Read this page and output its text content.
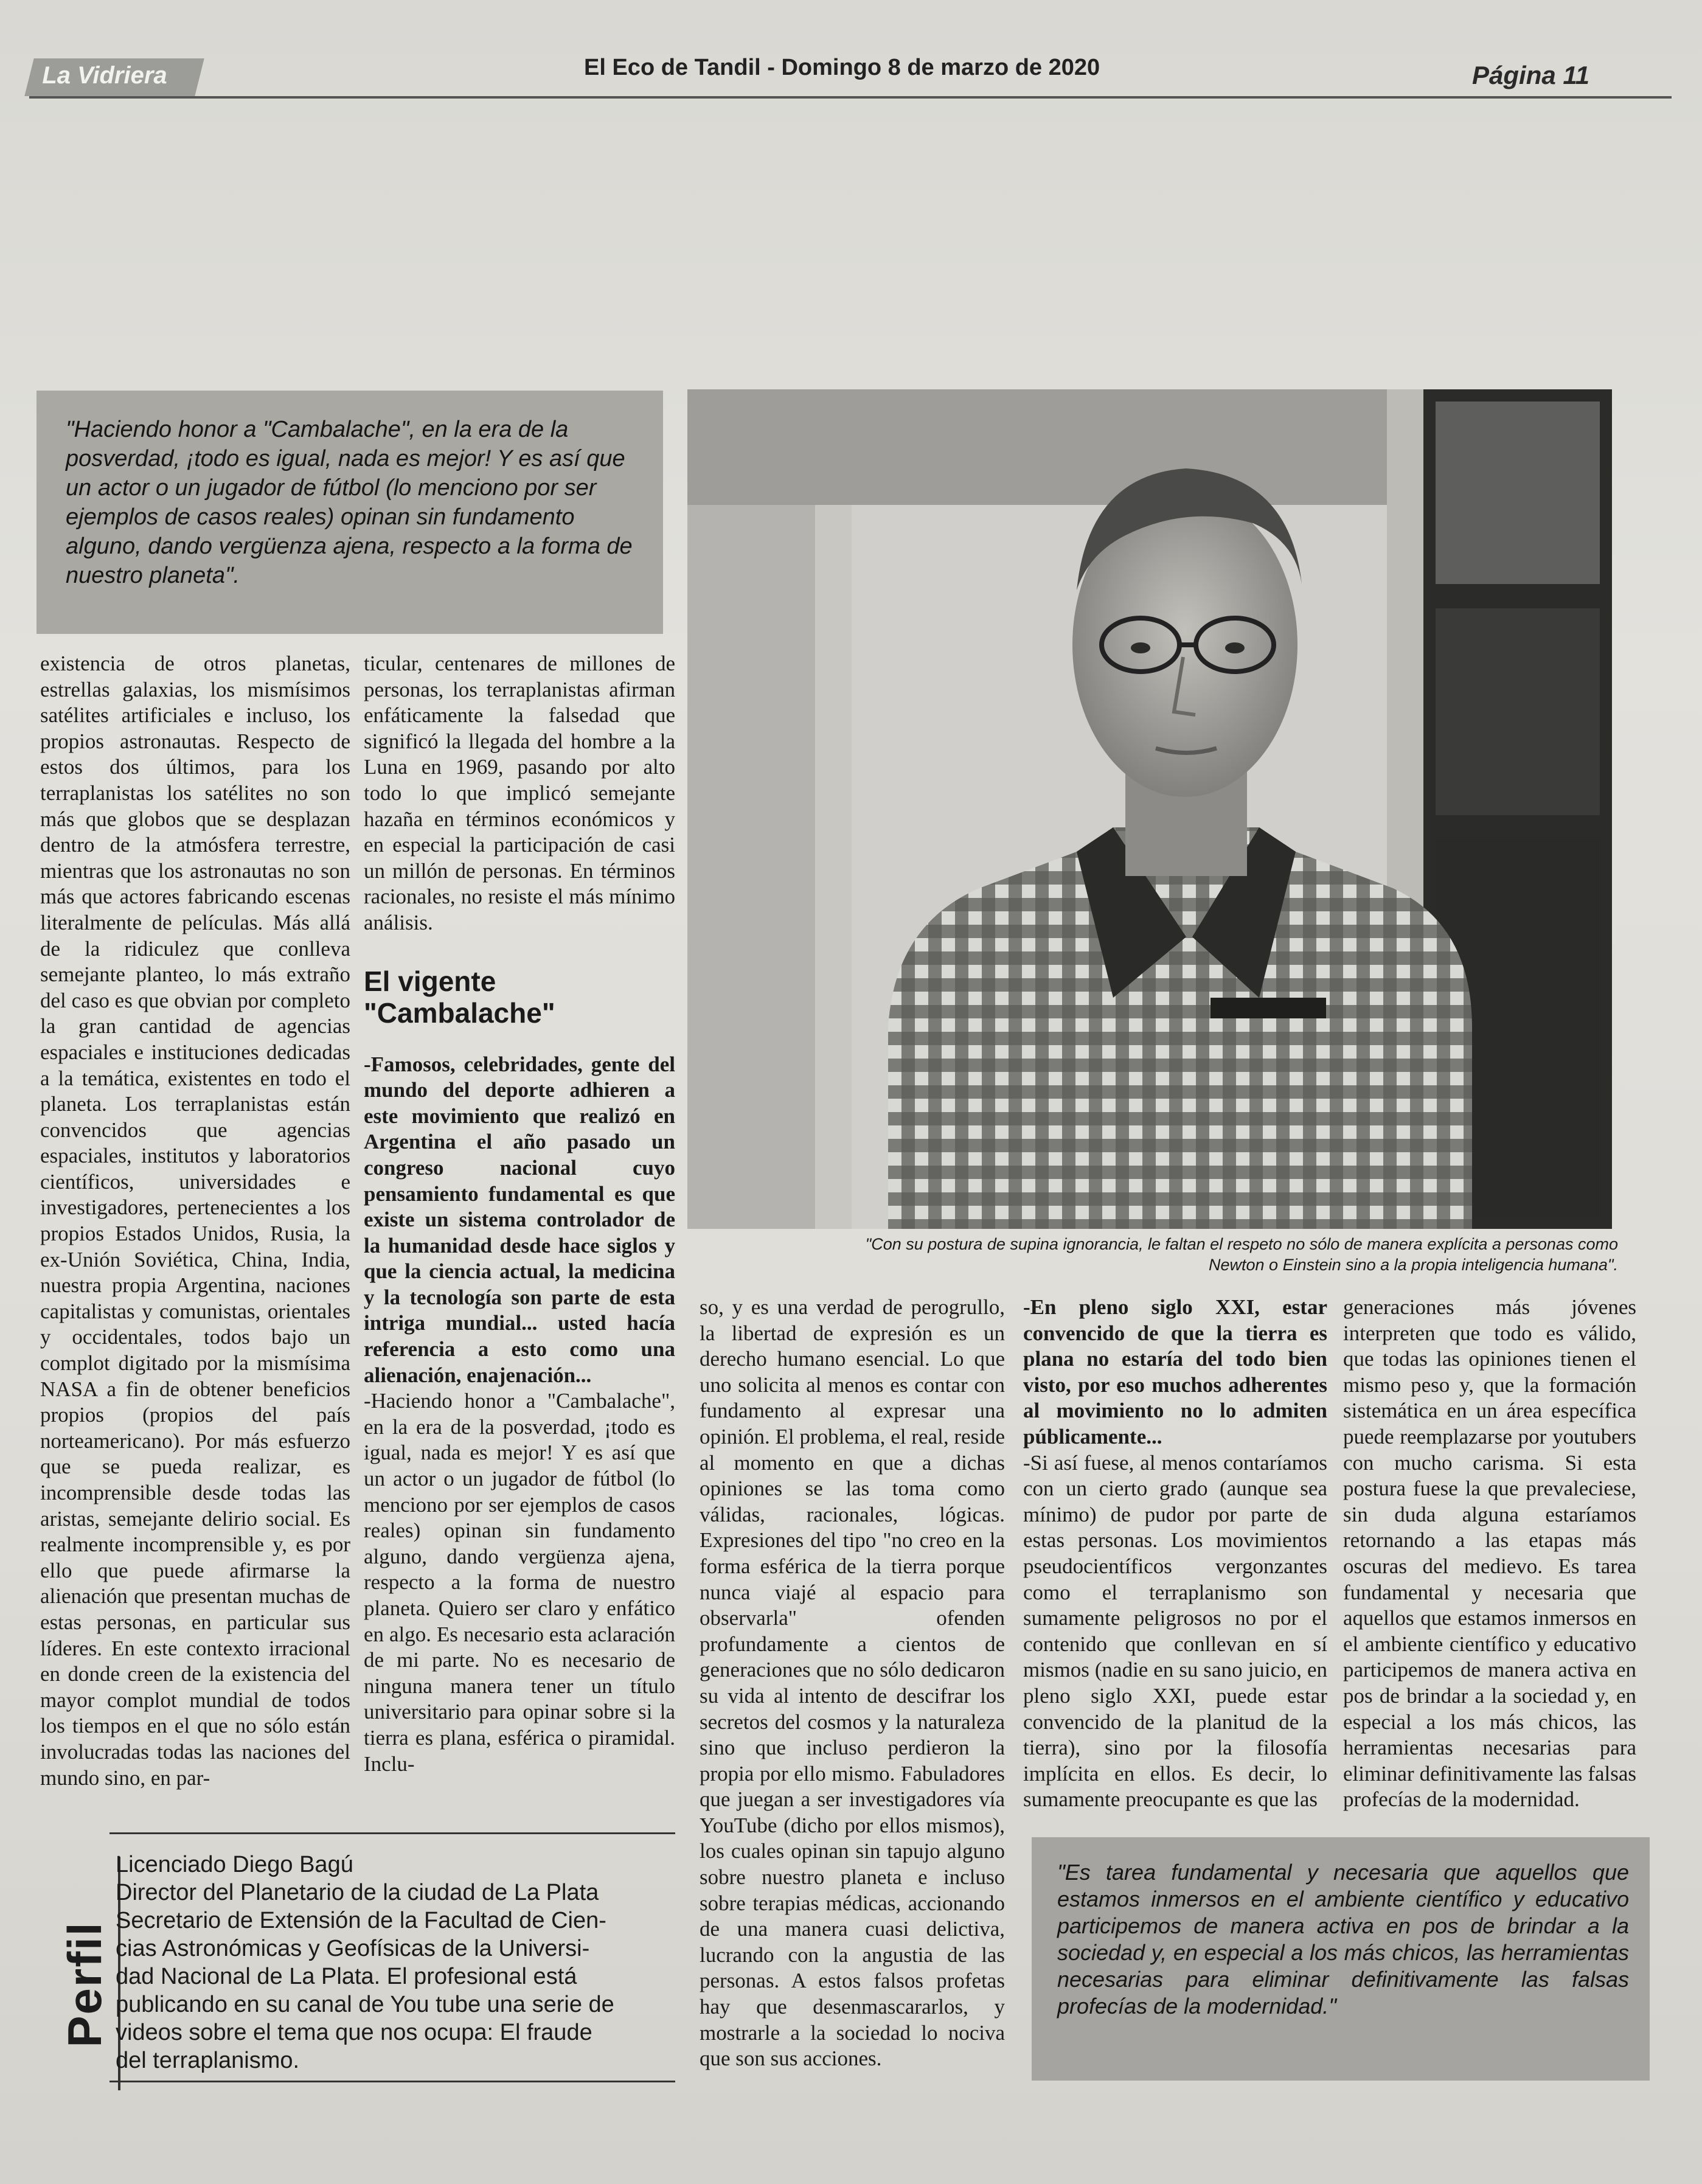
La Vidriera	El Eco de Tandil - Domingo 8 de marzo de 2020	Página 11

"Haciendo honor a "Cambalache", en la era de la posverdad, ¡todo es igual, nada es mejor! Y es así que un actor o un jugador de fútbol (lo menciono por ser ejemplos de casos reales) opinan sin fundamento alguno, dando vergüenza ajena, respecto a la forma de nuestro planeta".

"Con su postura de supina ignorancia, le faltan el respeto no sólo de manera explícita a personas como
Newton o Einstein sino a la propia inteligencia humana".

existencia de otros planetas, estrellas galaxias, los mismísimos satélites artificiales e incluso, los propios astronautas. Respecto de estos dos últimos, para los terraplanistas los satélites no son más que globos que se desplazan dentro de la atmósfera terrestre, mientras que los astronautas no son más que actores fabricando escenas literalmente de películas. Más allá de la ridiculez que conlleva semejante planteo, lo más extraño del caso es que obvian por completo la gran cantidad de agencias espaciales e instituciones dedicadas a la temática, existentes en todo el planeta. Los terraplanistas están convencidos que agencias espaciales, institutos y laboratorios científicos, universidades e investigadores, pertenecientes a los propios Estados Unidos, Rusia, la ex-Unión Soviética, China, India, nuestra propia Argentina, naciones capitalistas y comunistas, orientales y occidentales, todos bajo un complot digitado por la mismísima NASA a fin de obtener beneficios propios (propios del país norteamericano). Por más esfuerzo que se pueda realizar, es incomprensible desde todas las aristas, semejante delirio social. Es realmente incomprensible y, es por ello que puede afirmarse la alienación que presentan muchas de estas personas, en particular sus líderes. En este contexto irracional en donde creen de la existencia del mayor complot mundial de todos los tiempos en el que no sólo están involucradas todas las naciones del mundo sino, en par-

ticular, centenares de millones de personas, los terraplanistas afirman enfáticamente la falsedad que significó la llegada del hombre a la Luna en 1969, pasando por alto todo lo que implicó semejante hazaña en términos económicos y en especial la participación de casi un millón de personas. En términos racionales, no resiste el más mínimo análisis.

El vigente "Cambalache"

-Famosos, celebridades, gente del mundo del deporte adhieren a este movimiento que realizó en Argentina el año pasado un congreso nacional cuyo pensamiento fundamental es que existe un sistema controlador de la humanidad desde hace siglos y que la ciencia actual, la medicina y la tecnología son parte de esta intriga mundial... usted hacía referencia a esto como una alienación, enajenación...

-Haciendo honor a "Cambalache", en la era de la posverdad, ¡todo es igual, nada es mejor! Y es así que un actor o un jugador de fútbol (lo menciono por ser ejemplos de casos reales) opinan sin fundamento alguno, dando vergüenza ajena, respecto a la forma de nuestro planeta. Quiero ser claro y enfático en algo. Es necesario esta aclaración de mi parte. No es necesario de ninguna manera tener un título universitario para opinar sobre si la tierra es plana, esférica o piramidal. Inclu-

so, y es una verdad de perogrullo, la libertad de expresión es un derecho humano esencial. Lo que uno solicita al menos es contar con fundamento al expresar una opinión. El problema, el real, reside al momento en que a dichas opiniones se las toma como válidas, racionales, lógicas. Expresiones del tipo "no creo en la forma esférica de la tierra porque nunca viajé al espacio para observarla" ofenden profundamente a cientos de generaciones que no sólo dedicaron su vida al intento de descifrar los secretos del cosmos y la naturaleza sino que incluso perdieron la propia por ello mismo. Fabuladores que juegan a ser investigadores vía YouTube (dicho por ellos mismos), los cuales opinan sin tapujo alguno sobre nuestro planeta e incluso sobre terapias médicas, accionando de una manera cuasi delictiva, lucrando con la angustia de las personas. A estos falsos profetas hay que desenmascararlos, y mostrarle a la sociedad lo nociva que son sus acciones.

-En pleno siglo XXI, estar convencido de que la tierra es plana no estaría del todo bien visto, por eso muchos adherentes al movimiento no lo admiten públicamente...

-Si así fuese, al menos contaríamos con un cierto grado (aunque sea mínimo) de pudor por parte de estas personas. Los movimientos pseudocientíficos vergonzantes como el terraplanismo son sumamente peligrosos no por el contenido que conllevan en sí mismos (nadie en su sano juicio, en pleno siglo XXI, puede estar convencido de la planitud de la tierra), sino por la filosofía implícita en ellos. Es decir, lo sumamente preocupante es que las

generaciones más jóvenes interpreten que todo es válido, que todas las opiniones tienen el mismo peso y, que la formación sistemática en un área específica puede reemplazarse por youtubers con mucho carisma. Si esta postura fuese la que prevaleciese, sin duda alguna estaríamos retornando a las etapas más oscuras del medievo. Es tarea fundamental y necesaria que aquellos que estamos inmersos en el ambiente científico y educativo participemos de manera activa en pos de brindar a la sociedad y, en especial a los más chicos, las herramientas necesarias para eliminar definitivamente las falsas profecías de la modernidad.

Perfil
Licenciado Diego Bagú
Director del Planetario de la ciudad de La Plata
Secretario de Extensión de la Facultad de Cien-
cias Astronómicas y Geofísicas de la Universi-
dad Nacional de La Plata. El profesional está
publicando en su canal de You tube una serie de
videos sobre el tema que nos ocupa: El fraude
del terraplanismo.

"Es tarea fundamental y necesaria que aquellos que estamos inmersos en el ambiente científico y educativo participemos de manera activa en pos de brindar a la sociedad y, en especial a los más chicos, las herramientas necesarias para eliminar definitivamente las falsas profecías de la modernidad."
